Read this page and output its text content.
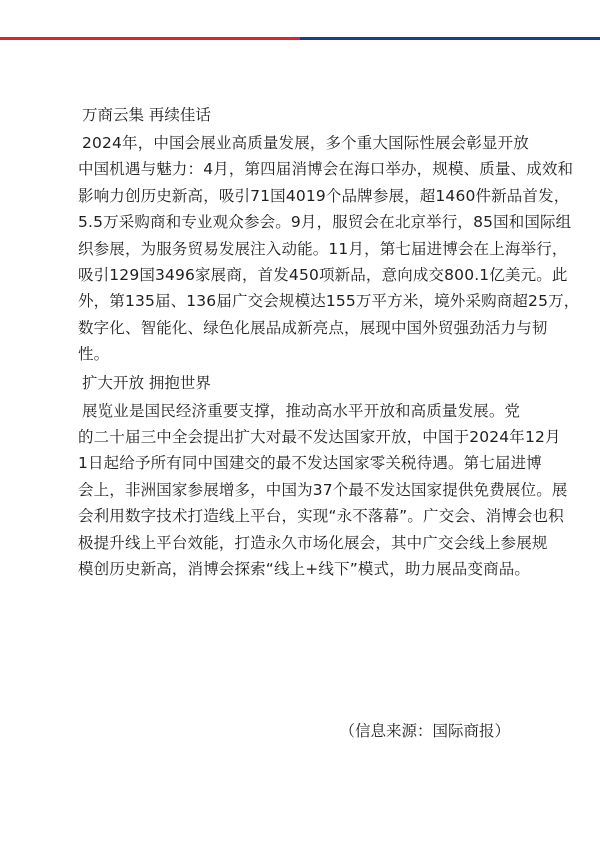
万商云集 再续佳话

2024年，中国会展业高质量发展，多个重大国际性展会彰显开放
中国机遇与魅力：4月，第四届消博会在海口举办，规模、质量、成效和
影响力创历史新高，吸引71国4019个品牌参展，超1460件新品首发，
5.5万采购商和专业观众参会。9月，服贸会在北京举行，85国和国际组
织参展，为服务贸易发展注入动能。11月，第七届进博会在上海举行，
吸引129国3496家展商，首发450项新品，意向成交800.1亿美元。此
外，第135届、136届广交会规模达155万平方米，境外采购商超25万，
数字化、智能化、绿色化展品成新亮点，展现中国外贸强劲活力与韧
性。

扩大开放 拥抱世界

展览业是国民经济重要支撑，推动高水平开放和高质量发展。党
的二十届三中全会提出扩大对最不发达国家开放，中国于2024年12月
1日起给予所有同中国建交的最不发达国家零关税待遇。第七届进博
会上，非洲国家参展增多，中国为37个最不发达国家提供免费展位。展
会利用数字技术打造线上平台，实现“永不落幕”。广交会、消博会也积
极提升线上平台效能，打造永久市场化展会，其中广交会线上参展规
模创历史新高，消博会探索“线上+线下”模式，助力展品变商品。

（信息来源：国际商报）
